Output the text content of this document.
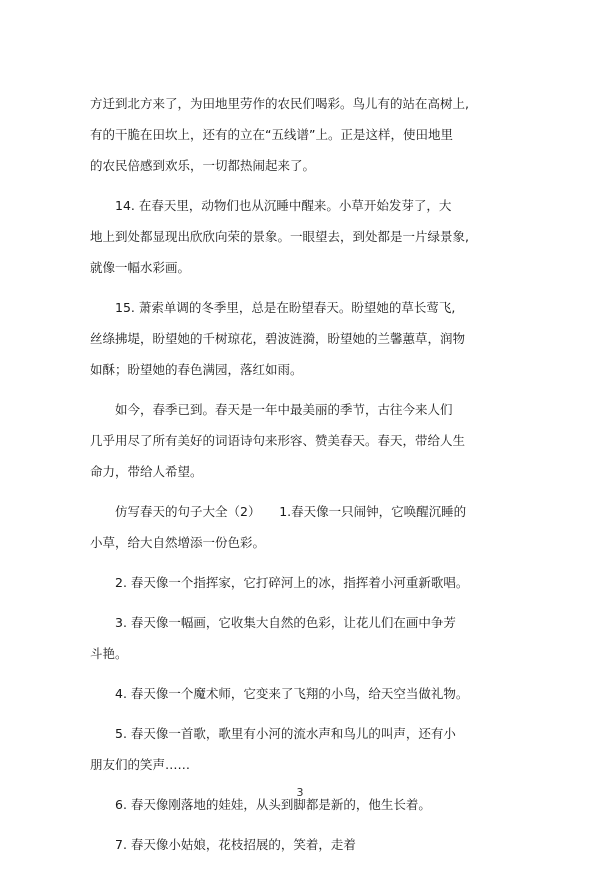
方迁到北方来了，为田地里劳作的农民们喝彩。鸟儿有的站在高树上,
有的干脆在田坎上，还有的立在“五线谱”上。正是这样，使田地里
的农民倍感到欢乐，一切都热闹起来了。

14. 在春天里，动物们也从沉睡中醒来。小草开始发芽了，大
地上到处都显现出欣欣向荣的景象。一眼望去，到处都是一片绿景象,
就像一幅水彩画。

15. 萧索单调的冬季里，总是在盼望春天。盼望她的草长莺飞,
丝绦拂堤，盼望她的千树琼花，碧波涟漪，盼望她的兰馨蕙草，润物
如酥；盼望她的春色满园，落红如雨。

如今，春季已到。春天是一年中最美丽的季节，古往今来人们
几乎用尽了所有美好的词语诗句来形容、赞美春天。春天，带给人生
命力，带给人希望。

仿写春天的句子大全（2）　　1.春天像一只闹钟，它唤醒沉睡的
小草，给大自然增添一份色彩。

2. 春天像一个指挥家，它打碎河上的冰，指挥着小河重新歌唱。

3. 春天像一幅画，它收集大自然的色彩，让花儿们在画中争芳
斗艳。

4. 春天像一个魔术师，它变来了飞翔的小鸟，给天空当做礼物。

5. 春天像一首歌，歌里有小河的流水声和鸟儿的叫声，还有小
朋友们的笑声……

6. 春天像刚落地的娃娃，从头到脚都是新的，他生长着。

7. 春天像小姑娘，花枝招展的，笑着，走着

3
